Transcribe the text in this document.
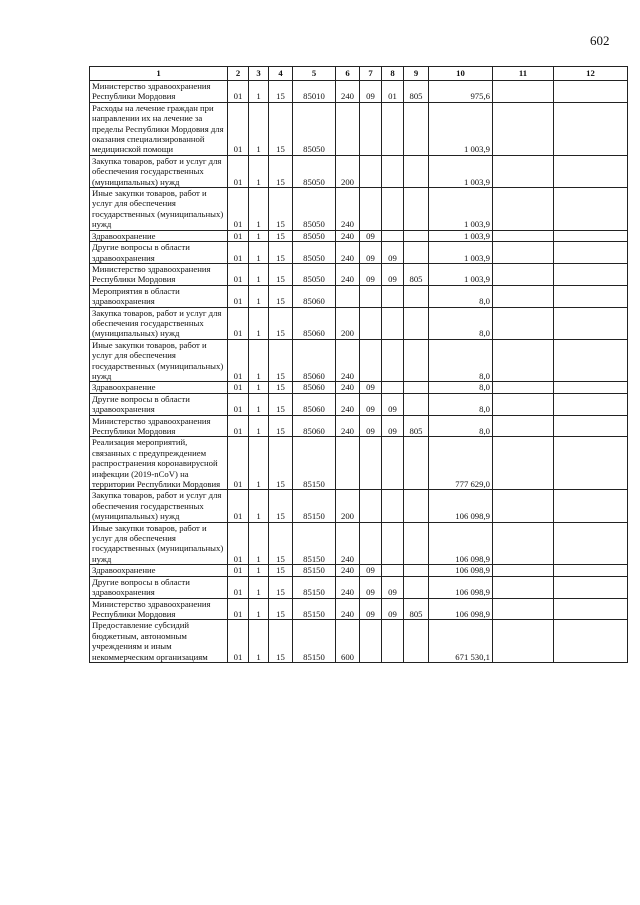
602
1	2	3	4	5	6	7	8	9	10	11	12
Министерство здравоохранения Республики Мордовия	01	1	15	85010	240	09	01	805	975,6		
Расходы на лечение граждан при направлении их на лечение за пределы Республики Мордовия для оказания специализированной медицинской помощи	01	1	15	85050					1 003,9		
Закупка товаров, работ и услуг для обеспечения государственных (муниципальных) нужд	01	1	15	85050	200				1 003,9		
Иные закупки товаров, работ и услуг для обеспечения государственных (муниципальных) нужд	01	1	15	85050	240				1 003,9		
Здравоохранение	01	1	15	85050	240	09			1 003,9		
Другие вопросы в области здравоохранения	01	1	15	85050	240	09	09		1 003,9		
Министерство здравоохранения Республики Мордовия	01	1	15	85050	240	09	09	805	1 003,9		
Мероприятия в области здравоохранения	01	1	15	85060					8,0		
Закупка товаров, работ и услуг для обеспечения государственных (муниципальных) нужд	01	1	15	85060	200				8,0		
Иные закупки товаров, работ и услуг для обеспечения государственных (муниципальных) нужд	01	1	15	85060	240				8,0		
Здравоохранение	01	1	15	85060	240	09			8,0		
Другие вопросы в области здравоохранения	01	1	15	85060	240	09	09		8,0		
Министерство здравоохранения Республики Мордовия	01	1	15	85060	240	09	09	805	8,0		
Реализация мероприятий, связанных с предупреждением распространения коронавирусной инфекции (2019-nCoV) на территории Республики Мордовия	01	1	15	85150					777 629,0		
Закупка товаров, работ и услуг для обеспечения государственных (муниципальных) нужд	01	1	15	85150	200				106 098,9		
Иные закупки товаров, работ и услуг для обеспечения государственных (муниципальных) нужд	01	1	15	85150	240				106 098,9		
Здравоохранение	01	1	15	85150	240	09			106 098,9		
Другие вопросы в области здравоохранения	01	1	15	85150	240	09	09		106 098,9		
Министерство здравоохранения Республики Мордовия	01	1	15	85150	240	09	09	805	106 098,9		
Предоставление субсидий бюджетным, автономным учреждениям и иным некоммерческим организациям	01	1	15	85150	600				671 530,1		
